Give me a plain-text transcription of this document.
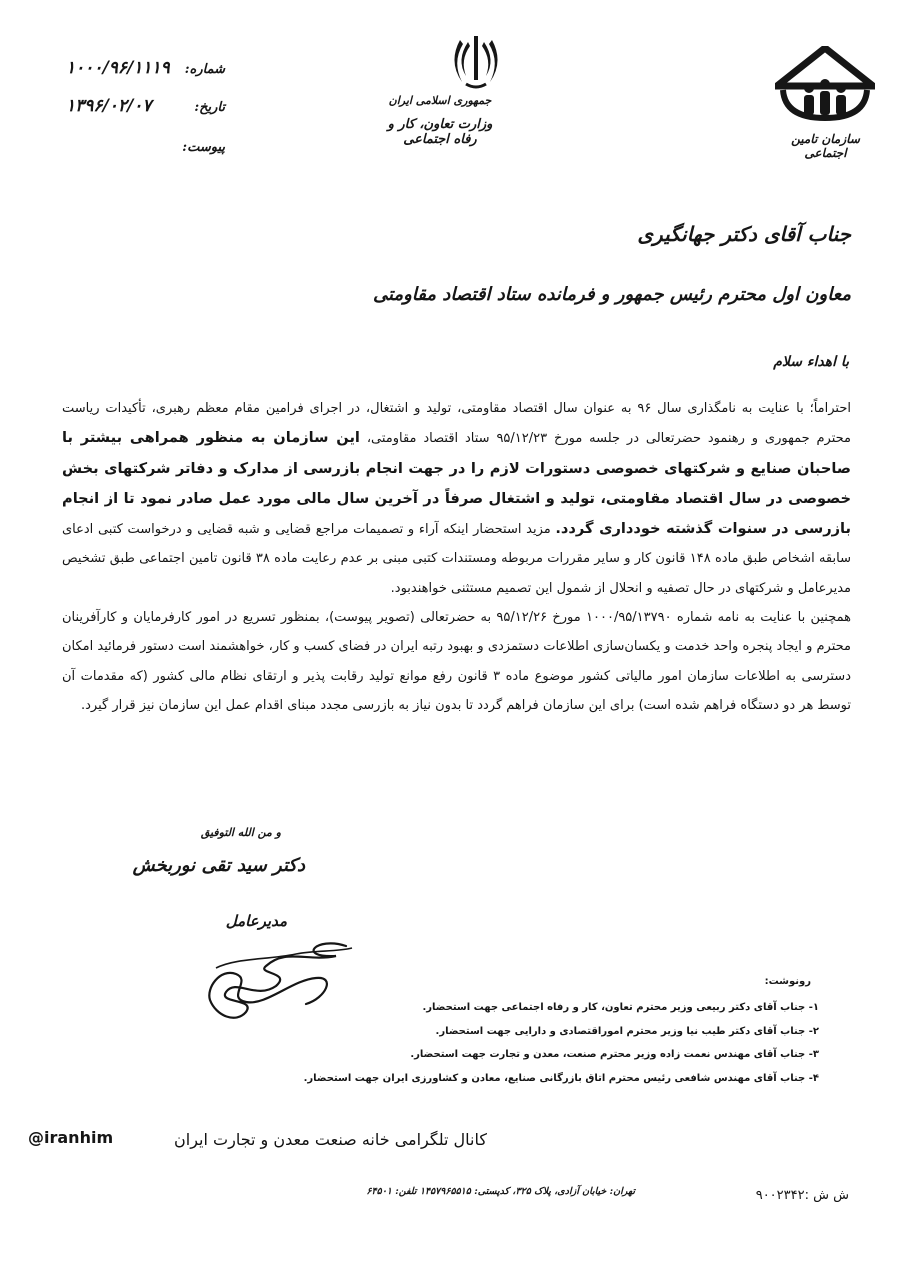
سازمان تامین اجتماعی
جمهوری اسلامی ایران
وزارت تعاون، کار و رفاه اجتماعی
شماره:
۱۰۰۰/۹۶/۱۱۱۹
تاریخ:
۱۳۹۶/۰۲/۰۷
پیوست:
جناب آقای دکتر جهانگیری
معاون اول محترم رئیس جمهور و فرمانده ستاد اقتصاد مقاومتی
با اهداء سلام

احتراماً؛ با عنایت به نامگذاری سال ۹۶ به عنوان سال اقتصاد مقاومتی، تولید و اشتغال، در اجرای فرامین مقام معظم رهبری، تأکیدات ریاست محترم جمهوری و رهنمود حضرتعالی در جلسه مورخ ۹۵/۱۲/۲۳ ستاد اقتصاد مقاومتی، این سازمان به منظور همراهی بیشتر با صاحبان صنایع و شرکتهای خصوصی دستورات لازم را در جهت انجام بازرسی از مدارک و دفاتر شرکتهای بخش خصوصی در سال اقتصاد مقاومتی، تولید و اشتغال صرفاً در آخرین سال مالی مورد عمل صادر نمود تا از انجام بازرسی در سنوات گذشته خودداری گردد. مزید استحضار اینکه آراء و تصمیمات مراجع قضایی و شبه قضایی و درخواست کتبی ادعای سابقه اشخاص طبق ماده ۱۴۸ قانون کار و سایر مقررات مربوطه ومستندات کتبی مبنی بر عدم رعایت ماده ۳۸ قانون تامین اجتماعی طبق تشخیص مدیرعامل و شرکتهای در حال تصفیه و انحلال از شمول این تصمیم مستثنی خواهندبود.

همچنین با عنایت به نامه شماره ۱۰۰۰/۹۵/۱۳۷۹۰ مورخ ۹۵/۱۲/۲۶ به حضرتعالی (تصویر پیوست)، بمنظور تسریع در امور کارفرمایان و کارآفرینان محترم و ایجاد پنجره واحد خدمت و یکسان‌سازی اطلاعات دستمزدی و بهبود رتبه ایران در فضای کسب و کار، خواهشمند است دستور فرمائید امکان دسترسی به اطلاعات سازمان امور مالیاتی کشور موضوع ماده ۳ قانون رفع موانع تولید رقابت پذیر و ارتقای نظام مالی کشور (که مقدمات آن توسط هر دو دستگاه فراهم شده است) برای این سازمان فراهم گردد تا بدون نیاز به بازرسی مجدد مبنای اقدام عمل این سازمان نیز قرار گیرد.

و من الله التوفیق
دکتر سید تقی نوربخش
مدیرعامل
رونوشت:
۱- جناب آقای دکتر ربیعی وزیر محترم تعاون، کار و رفاه اجتماعی جهت استحضار.
۲- جناب آقای دکتر طیب نیا وزیر محترم اموراقتصادی و دارایی جهت استحضار.
۳- جناب آقای مهندس نعمت زاده وزیر محترم صنعت، معدن و تجارت جهت استحضار.
۴- جناب آقای مهندس شافعی رئیس محترم اتاق بازرگانی صنایع، معادن و کشاورزی ایران جهت استحضار.
کانال تلگرامی خانه صنعت معدن و تجارت ایران
@iranhim
ش ش :۹۰۰۲۳۴۲
تهران: خیابان آزادی، پلاک ۳۲۵، کدپستی: ۱۴۵۷۹۶۵۵۱۵ تلفن: ۶۴۵۰۱
